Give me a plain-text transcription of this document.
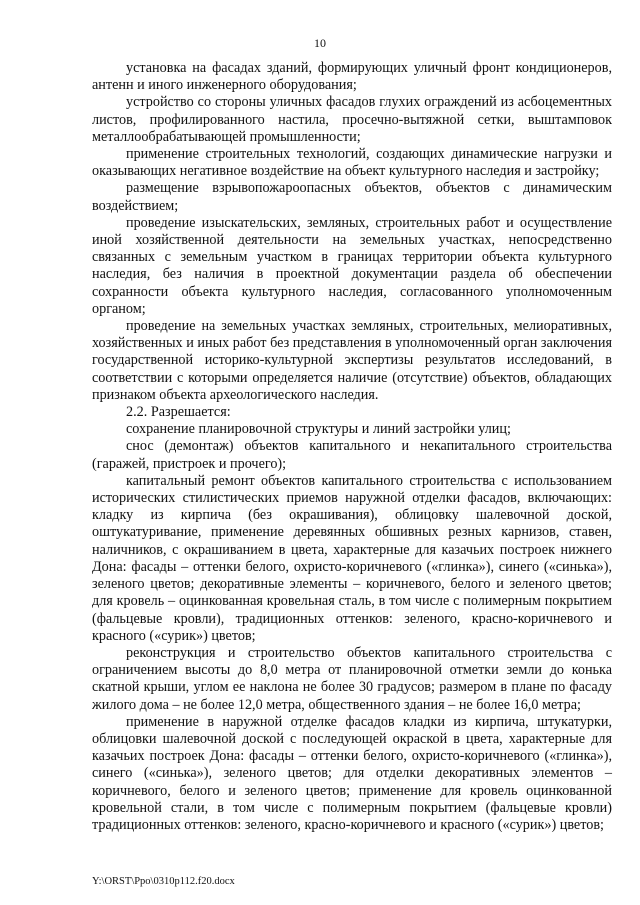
10

установка на фасадах зданий, формирующих уличный фронт кондиционеров, антенн и иного инженерного оборудования;

устройство со стороны уличных фасадов глухих ограждений из асбоцементных листов, профилированного настила, просечно-вытяжной сетки, выштамповок металлообрабатывающей промышленности;

применение строительных технологий, создающих динамические нагрузки и оказывающих негативное воздействие на объект культурного наследия и застройку;

размещение взрывопожароопасных объектов, объектов с динамическим воздействием;

проведение изыскательских, земляных, строительных работ и осуществление иной хозяйственной деятельности на земельных участках, непосредственно связанных с земельным участком в границах территории объекта культурного наследия, без наличия в проектной документации раздела об обеспечении сохранности объекта культурного наследия, согласованного уполномоченным органом;

проведение на земельных участках земляных, строительных, мелиоративных, хозяйственных и иных работ без представления в уполномоченный орган заключения государственной историко-культурной экспертизы результатов исследований, в соответствии с которыми определяется наличие (отсутствие) объектов, обладающих признаком объекта археологического наследия.

2.2. Разрешается:

сохранение планировочной структуры и линий застройки улиц;

снос (демонтаж) объектов капитального и некапитального строительства (гаражей, пристроек и прочего);

капитальный ремонт объектов капитального строительства с использованием исторических стилистических приемов наружной отделки фасадов, включающих: кладку из кирпича (без окрашивания), облицовку шалевочной доской, оштукатуривание, применение деревянных обшивных резных карнизов, ставен, наличников, с окрашиванием в цвета, характерные для казачьих построек нижнего Дона: фасады – оттенки белого, охристо-коричневого («глинка»), синего («синька»), зеленого цветов; декоративные элементы – коричневого, белого и зеленого цветов; для кровель – оцинкованная кровельная сталь, в том числе с полимерным покрытием (фальцевые кровли), традиционных оттенков: зеленого, красно-коричневого и красного («сурик») цветов;

реконструкция и строительство объектов капитального строительства с ограничением высоты до 8,0 метра от планировочной отметки земли до конька скатной крыши, углом ее наклона не более 30 градусов; размером в плане по фасаду жилого дома – не более 12,0 метра, общественного здания – не более 16,0 метра;

применение в наружной отделке фасадов кладки из кирпича, штукатурки, облицовки шалевочной доской с последующей окраской в цвета, характерные для казачьих построек Дона: фасады – оттенки белого, охристо-коричневого («глинка»), синего («синька»), зеленого цветов; для отделки декоративных элементов – коричневого, белого и зеленого цветов; применение для кровель оцинкованной кровельной стали, в том числе с полимерным покрытием (фальцевые кровли) традиционных оттенков: зеленого, красно-коричневого и красного («сурик») цветов;

Y:\ORST\Ppo\0310p112.f20.docx
